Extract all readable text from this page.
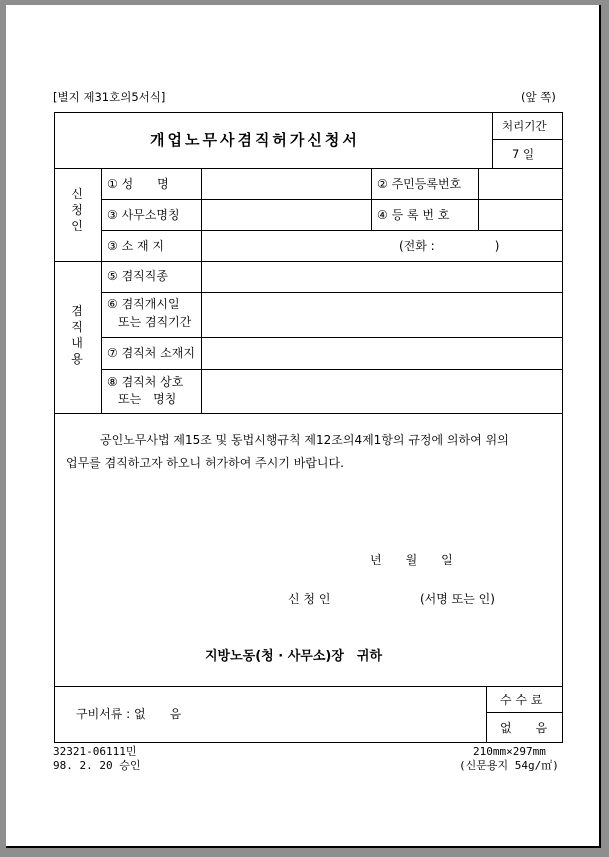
[별지 제31호의5서식]	(앞 쪽)
개업노무사겸직허가신청서
처리기간
7 일
신청인
① 성　　명	② 주민등록번호
③ 사무소명칭	④ 등 록 번 호
③ 소 재 지	(전화 :　　　　　)
겸직내용
⑤ 겸직직종
⑥ 겸직개시일
또는 겸직기간
⑦ 겸직처 소재지
⑧ 겸직처 상호
또는　명칭
공인노무사법 제15조 및 동법시행규칙 제12조의4제1항의 규정에 의하여 위의
업무를 겸직하고자 하오니 허가하여 주시기 바랍니다.
년　　월　　일
신 청 인	(서명 또는 인)
지방노동(청 · 사무소)장　귀하
구비서류 : 없　　음
수 수 료
없　　음
32321-06111민
98. 2. 20 승인
210mm×297mm
(신문용지 54g/㎡)
